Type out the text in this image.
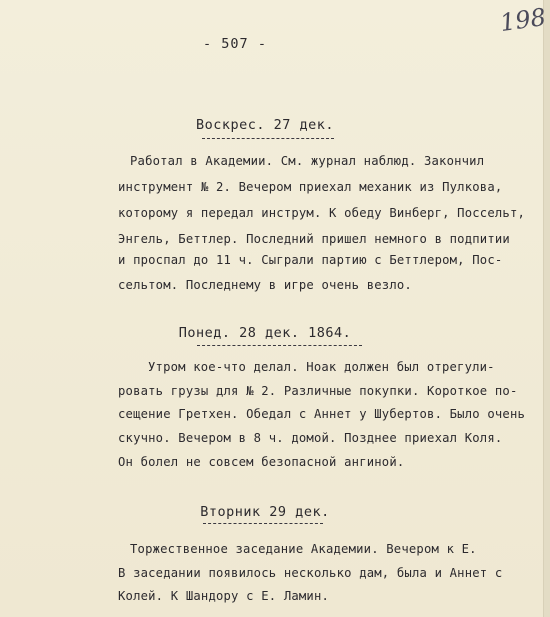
- 507 -
198
Воскрес. 27 дек.
Работал в Академии. См. журнал наблюд. Закончил
инструмент № 2. Вечером приехал механик из Пулкова,
которому я передал инструм. К обеду Винберг, Поссельт,
Энгель, Беттлер. Последний пришел немного в подпитии
и проспал до 11 ч. Сыграли партию с Беттлером, Пос-
сельтом. Последнему в игре очень везло.
Понед. 28 дек. 1864.
Утром кое-что делал. Ноак должен был отрегули-
ровать грузы для № 2. Различные покупки. Короткое по-
сещение Гретхен. Обедал с Аннет у Шубертов. Было очень
скучно. Вечером в 8 ч. домой. Позднее приехал Коля.
Он болел не совсем безопасной ангиной.
Вторник 29 дек.
Торжественное заседание Академии. Вечером к Е.
В заседании появилось несколько дам, была и Аннет с
Колей. К Шандору с Е. Ламин.
